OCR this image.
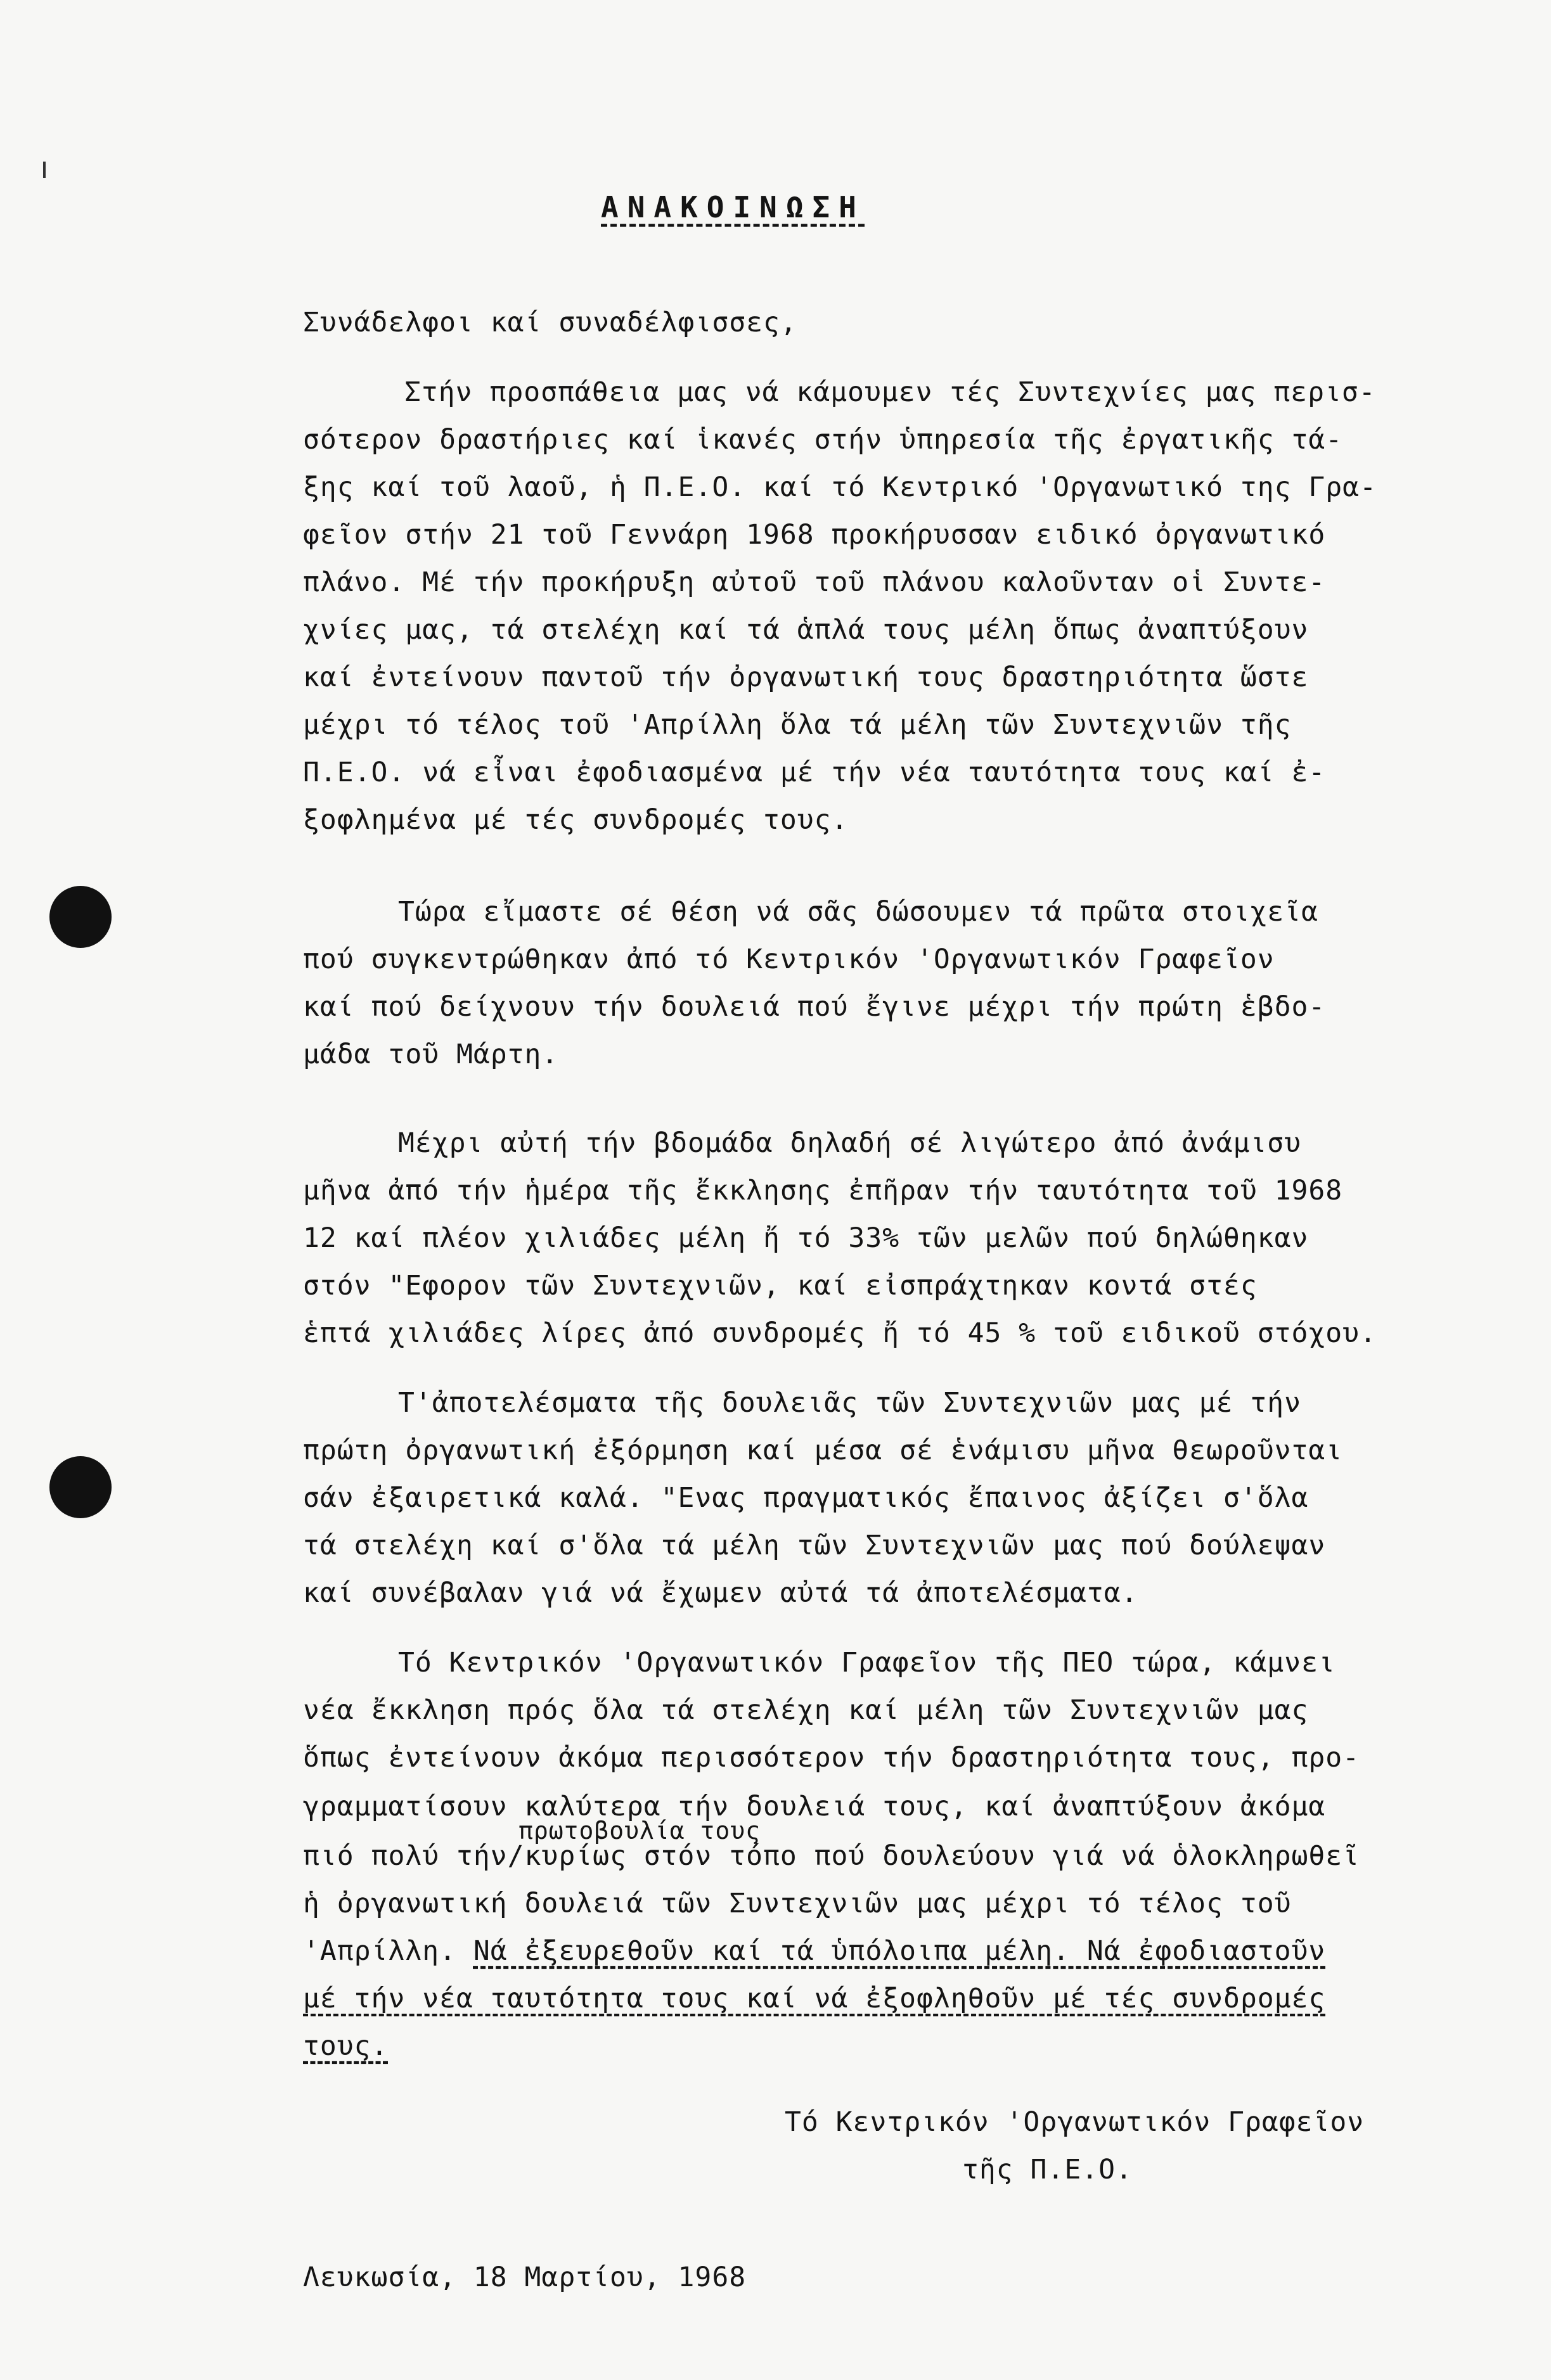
ΑΝΑΚΟΙΝΩΣΗ
Συνάδελφοι καί συναδέλφισσες,
Στήν προσπάθεια μας νά κάμουμεν τές Συντεχνίες μας περισ-
σότερον δραστήριες καί ἱκανές στήν ὑπηρεσία τῆς ἐργατικῆς τά-
ξης καί τοῦ λαοῦ, ἡ Π.Ε.Ο. καί τό Κεντρικό 'Οργανωτικό της Γρα-
φεῖον στήν 21 τοῦ Γεννάρη 1968 προκήρυσσαν ειδικό ὀργανωτικό
πλάνο. Μέ τήν προκήρυξη αὐτοῦ τοῦ πλάνου καλοῦνταν οἱ Συντε-
χνίες μας, τά στελέχη καί τά ἁπλά τους μέλη ὅπως ἀναπτύξουν
καί ἐντείνουν παντοῦ τήν ὀργανωτική τους δραστηριότητα ὥστε
μέχρι τό τέλος τοῦ 'Απρίλλη ὅλα τά μέλη τῶν Συντεχνιῶν τῆς
Π.Ε.Ο. νά εἶναι ἐφοδιασμένα μέ τήν νέα ταυτότητα τους καί ἐ-
ξοφλημένα μέ τές συνδρομές τους.
Τώρα εἴμαστε σέ θέση νά σᾶς δώσουμεν τά πρῶτα στοιχεῖα
πού συγκεντρώθηκαν ἀπό τό Κεντρικόν 'Οργανωτικόν Γραφεῖον
καί πού δείχνουν τήν δουλειά πού ἔγινε μέχρι τήν πρώτη ἑβδο-
μάδα τοῦ Μάρτη.
Μέχρι αὐτή τήν βδομάδα δηλαδή σέ λιγώτερο ἀπό ἀνάμισυ
μῆνα ἀπό τήν ἡμέρα τῆς ἔκκλησης ἐπῆραν τήν ταυτότητα τοῦ 1968
12 καί πλέον χιλιάδες μέλη ἤ τό 33% τῶν μελῶν πού δηλώθηκαν
στόν "Εφορον τῶν Συντεχνιῶν, καί εἰσπράχτηκαν κοντά στές
ἑπτά χιλιάδες λίρες ἀπό συνδρομές ἤ τό 45 % τοῦ ειδικοῦ στόχου.
Τ'ἀποτελέσματα τῆς δουλειᾶς τῶν Συντεχνιῶν μας μέ τήν
πρώτη ὀργανωτική ἐξόρμηση καί μέσα σέ ἑνάμισυ μῆνα θεωροῦνται
σάν ἐξαιρετικά καλά. "Ενας πραγματικός ἔπαινος ἀξίζει σ'ὅλα
τά στελέχη καί σ'ὅλα τά μέλη τῶν Συντεχνιῶν μας πού δούλεψαν
καί συνέβαλαν γιά νά ἔχωμεν αὐτά τά ἀποτελέσματα.
Τό Κεντρικόν 'Οργανωτικόν Γραφεῖον τῆς ΠΕΟ τώρα, κάμνει
νέα ἔκκληση πρός ὅλα τά στελέχη καί μέλη τῶν Συντεχνιῶν μας
ὅπως ἐντείνουν ἀκόμα περισσότερον τήν δραστηριότητα τους, προ-
γραμματίσουν καλύτερα τήν δουλειά τους, καί ἀναπτύξουν ἀκόμα
πρωτοβουλία τους
πιό πολύ τήν/κυρίως στόν τόπο πού δουλεύουν γιά νά ὁλοκληρωθεῖ
ἡ ὀργανωτική δουλειά τῶν Συντεχνιῶν μας μέχρι τό τέλος τοῦ
'Απρίλλη. Νά ἐξευρεθοῦν καί τά ὑπόλοιπα μέλη. Νά ἐφοδιαστοῦν
μέ τήν νέα ταυτότητα τους καί νά ἐξοφληθοῦν μέ τές συνδρομές
τους.
Τό Κεντρικόν 'Οργανωτικόν Γραφεῖον
τῆς Π.Ε.Ο.
Λευκωσία, 18 Μαρτίου, 1968
